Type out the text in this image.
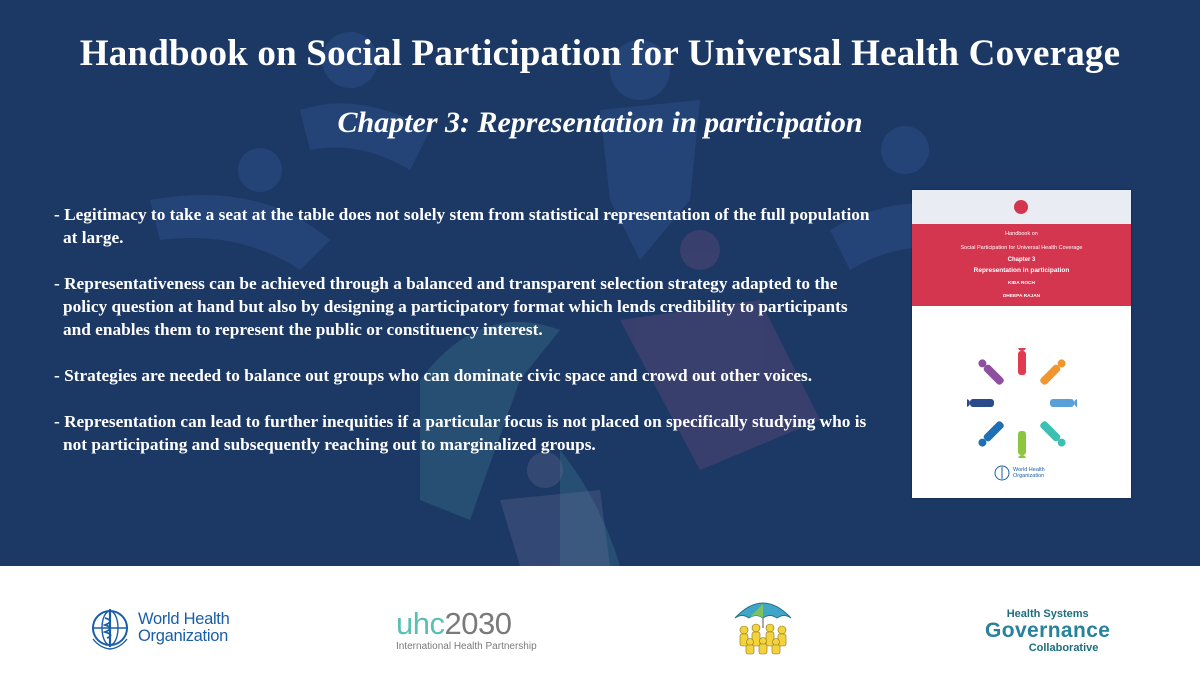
Handbook on Social Participation for Universal Health Coverage
Chapter 3: Representation in participation
- Legitimacy to take a seat at the table does not solely stem from statistical representation of the full population at large.
- Representativeness can be achieved through a balanced and transparent selection strategy adapted to the policy question at hand but also by designing a participatory format which lends credibility to participants and enables them to represent the public or constituency interest.
- Strategies are needed to balance out groups who can dominate civic space and crowd out other voices.
- Representation can lead to further inequities if a particular focus is not placed on specifically studying who is not participating and subsequently reaching out to marginalized groups.
Handbook on
Social Participation for Universal Health Coverage
Chapter 3
Representation in participation
KIBA ROCH
DHEEPA RAJAN
World Health
Organization
World Health
Organization	uhc2030
International Health Partnership
Health Systems
Governance
Collaborative
